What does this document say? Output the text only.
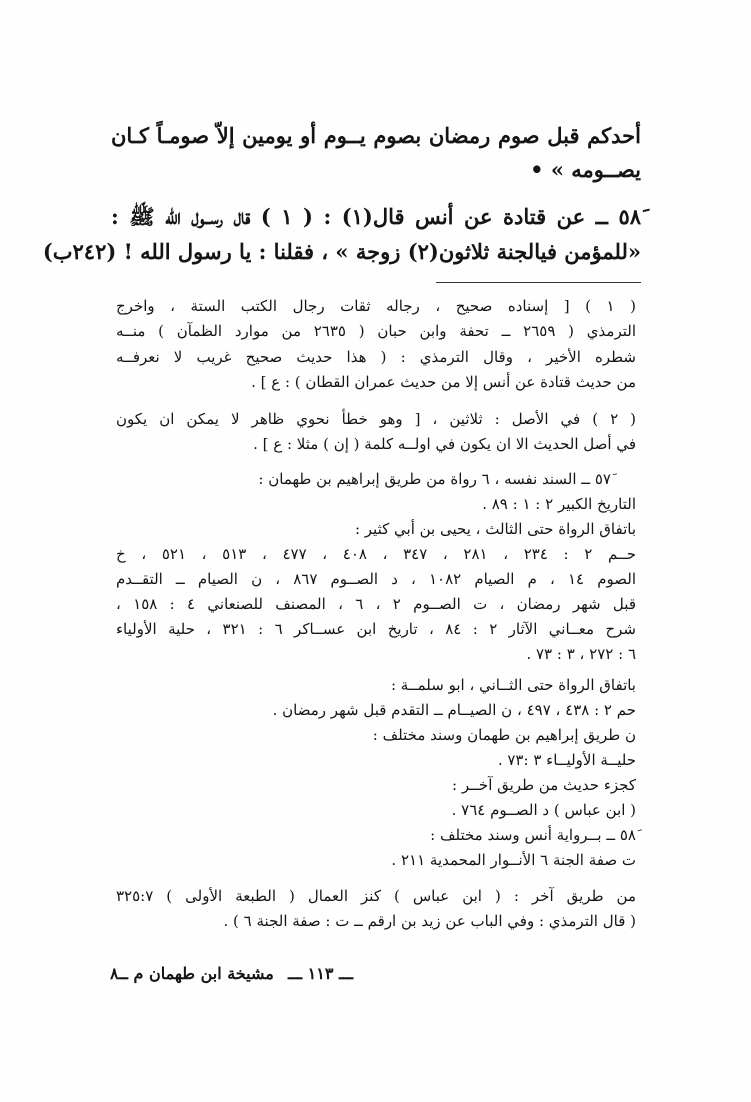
أحدكم قبل صوم رمضان بصوم يــوم أو يومين إلاّ صومـاً كـان
يصــومه » •
٥٨َ ــ عن قتادة عن أنس قال(١) : ( ١ ) قال رســول الله ﷺ :
«للمؤمن فيالجنة ثلاثون(٢) زوجة » ، فقلنا : يا رسول الله ! (٢٤٢ب)
( ١ ) [ إسناده صحيح ، رجاله ثقات رجال الكتب الستة ، واخرج
الترمذي ( ٢٦٥٩ ــ تحفة وابن حبان ( ٢٦٣٥ من موارد الظمآن ) منــه
شطره الأخير ، وقال الترمذي : ( هذا حديث صحيح غريب لا نعرفــه
من حديث قتادة عن أنس إلا من حديث عمران القطان ) : ع ] .
( ٢ ) في الأصل : ثلاثين ، [ وهو خطأ نحوي ظاهر لا يمكن ان يكون
في أصل الحديث الا ان يكون في اولــه كلمة ( إن ) مثلا : ع ] .
٥٧َ ــ السند نفسه ، ٦ رواة من طريق إبراهيم بن طهمان :
التاريخ الكبير ٢ : ١ : ٨٩ .
باتفاق الرواة حتى الثالث ، يحيى بن أبي كثير :
حــم ٢ : ٢٣٤ ، ٢٨١ ، ٣٤٧ ، ٤٠٨ ، ٤٧٧ ، ٥١٣ ، ٥٢١ ، خ
الصوم ١٤ ، م الصيام ١٠٨٢ ، د الصــوم ٨٦٧ ، ن الصيام ــ التقــدم
قبل شهر رمضان ، ت الصــوم ٢ ، ٦ ، المصنف للصنعاني ٤ : ١٥٨ ،
شرح معــاني الآثار ٢ : ٨٤ ، تاريخ ابن عســاكر ٦ : ٣٢١ ، حلية الأولياء
٦ : ٢٧٢ ، ٣ : ٧٣ .
باتفاق الرواة حتى الثــاني ، ابو سلمــة :
حم ٢ : ٤٣٨ ، ٤٩٧ ، ن الصيــام ــ التقدم قبل شهر رمضان .
ن طريق إبراهيم بن طهمان وسند مختلف :
حليــة الأوليــاء ٣ :٧٣ .
كجزء حديث من طريق آخــر :
( ابن عباس ) د الصــوم ٧٦٤ .
٥٨َ ــ بــرواية أنس وسند مختلف :
ت صفة الجنة ٦ الأنــوار المحمدية ٢١١ .
من طريق آخر : ( ابن عباس ) كنز العمال ( الطبعة الأولى ) ٣٢٥:٧
( قال الترمذي : وفي الباب عن زيد بن ارقم ــ ت : صفة الجنة ٦ ) .
ـــ ١١٣ ـــ
مشيخة ابن طهمان م ــ٨
